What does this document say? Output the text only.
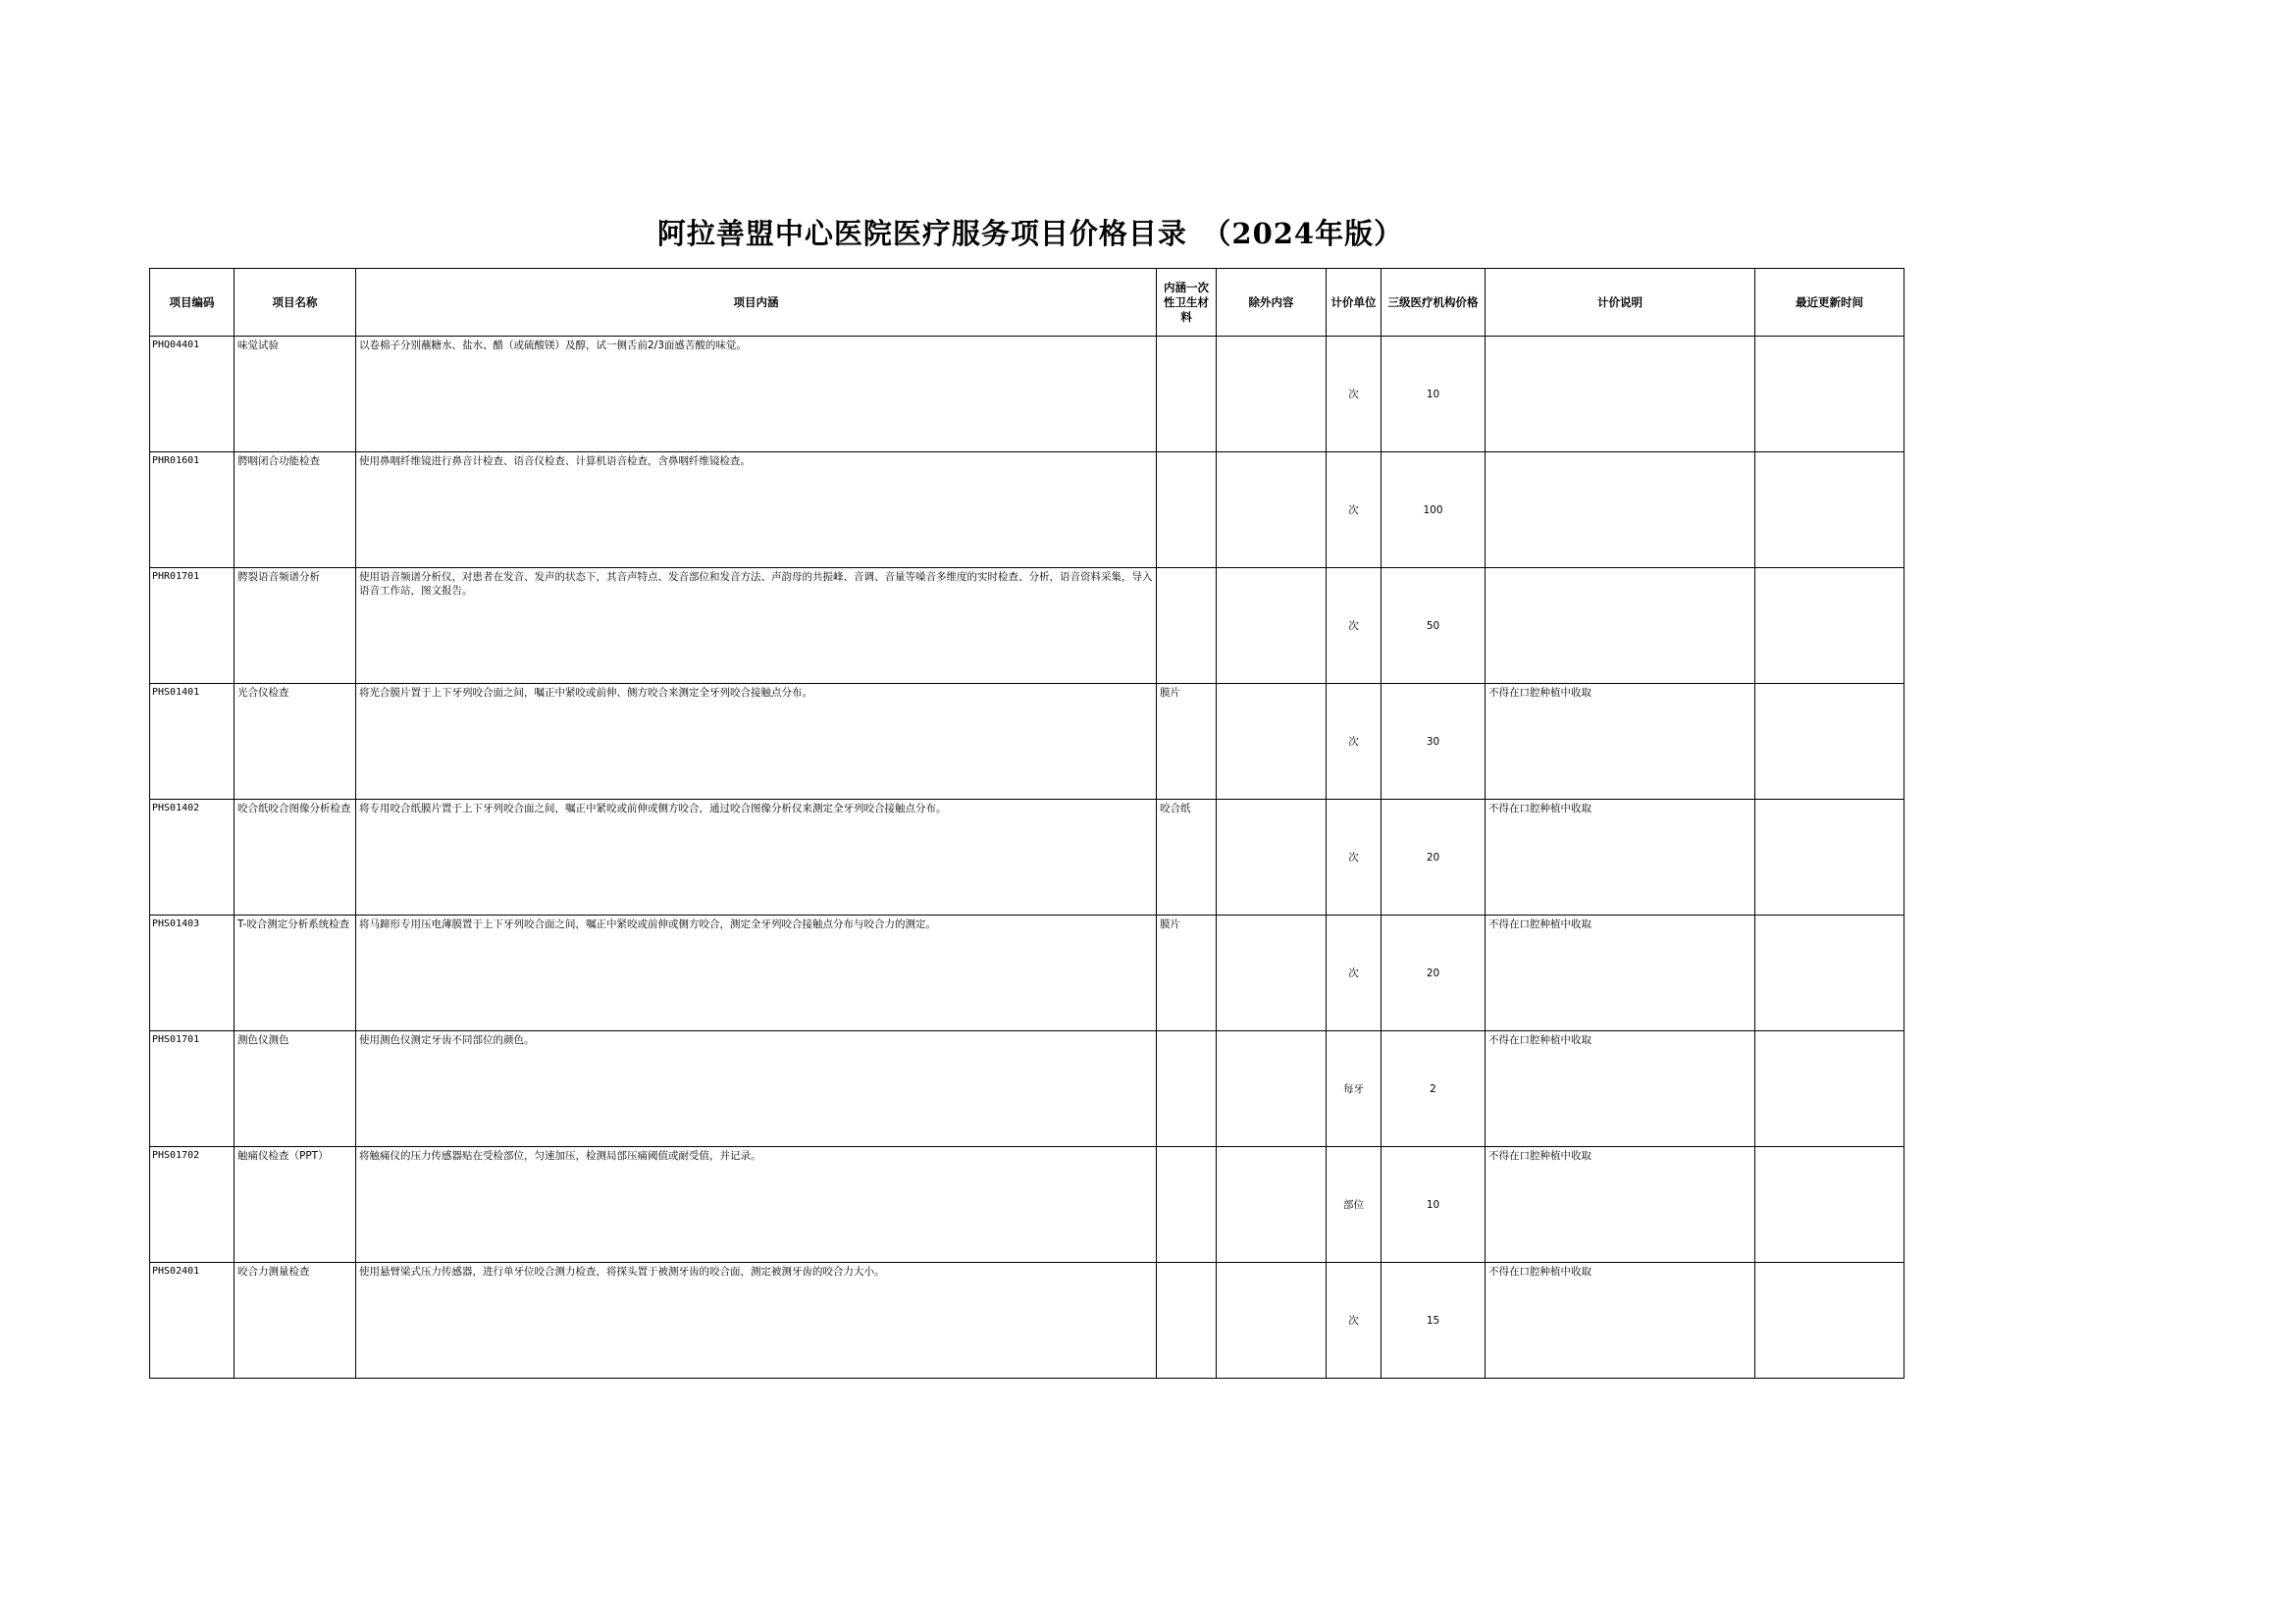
阿拉善盟中心医院医疗服务项目价格目录　（2024年版）
项目编码	项目名称	项目内涵	内涵一次性卫生材料	除外内容	计价单位	三级医疗机构价格	计价说明	最近更新时间
PHQ04401	味觉试验	以卷棉子分别蘸糖水、盐水、醋（或硫酸镁）及醇，试一侧舌前2/3面感苦酸的味觉。			次	10		
PHR01601	腭咽闭合功能检查	使用鼻咽纤维镜进行鼻音计检查、语音仪检查、计算机语音检查，含鼻咽纤维镜检查。			次	100		
PHR01701	腭裂语音频谱分析	使用语音频谱分析仪，对患者在发音、发声的状态下，其音声特点、发音部位和发音方法、声韵母的共振峰、音调、音量等嗓音多维度的实时检查、分析，语音资料采集，导入语音工作站，图文报告。			次	50		
PHS01401	光合仪检查	将光合膜片置于上下牙列咬合面之间，嘱正中紧咬或前伸、侧方咬合来测定全牙列咬合接触点分布。	膜片		次	30	不得在口腔种植中收取	
PHS01402	咬合纸咬合图像分析检查	将专用咬合纸膜片置于上下牙列咬合面之间，嘱正中紧咬或前伸或侧方咬合，通过咬合图像分析仪来测定全牙列咬合接触点分布。	咬合纸		次	20	不得在口腔种植中收取	
PHS01403	T-咬合测定分析系统检查	将马蹄形专用压电薄膜置于上下牙列咬合面之间，嘱正中紧咬或前伸或侧方咬合，测定全牙列咬合接触点分布与咬合力的测定。	膜片		次	20	不得在口腔种植中收取	
PHS01701	测色仪测色	使用测色仪测定牙齿不同部位的颜色。			每牙	2	不得在口腔种植中收取	
PHS01702	触痛仪检查（PPT）	将触痛仪的压力传感器贴在受检部位，匀速加压，检测局部压痛阈值或耐受值，并记录。			部位	10	不得在口腔种植中收取	
PHS02401	咬合力测量检查	使用悬臂梁式压力传感器，进行单牙位咬合测力检查，将探头置于被测牙齿的咬合面，测定被测牙齿的咬合力大小。			次	15	不得在口腔种植中收取	
